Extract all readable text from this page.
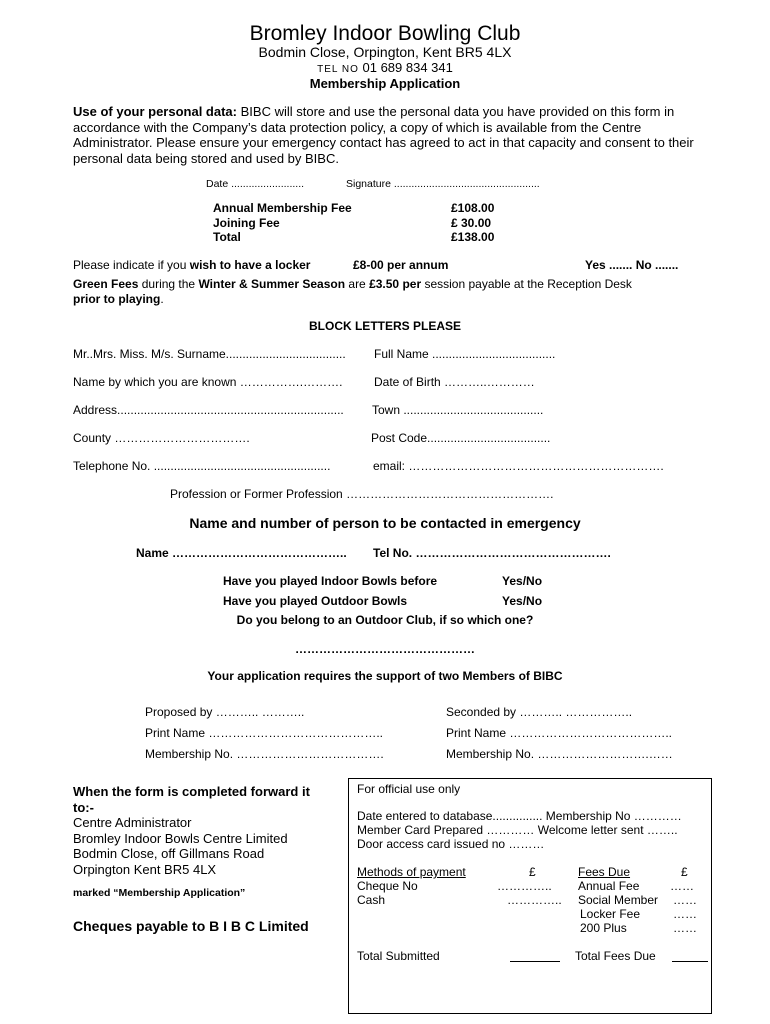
Bromley Indoor Bowling Club
Bodmin Close, Orpington, Kent BR5 4LX
TEL NO 01 689 834 341
Membership Application
Use of your personal data: BIBC will store and use the personal data you have provided on this form in accordance with the Company’s data protection policy, a copy of which is available from the Centre Administrator. Please ensure your emergency contact has agreed to act in that capacity and consent to their personal data being stored and used by BIBC.
Date .........................	Signature ..................................................
Annual Membership Fee	£108.00
Joining Fee	£ 30.00
Total	£138.00
Please indicate if you wish to have a locker	£8-00 per annum	Yes ....... No .......
Green Fees during the Winter & Summer Season are £3.50 per session payable at the Reception Desk
prior to playing.
BLOCK LETTERS PLEASE
Mr..Mrs. Miss. M/s. Surname.................................... Full Name .....................................
Name by which you are known …………….……….	Date of Birth ………..…………
Address.................................................................... Town ..........................................
County …………………………….	Post Code.....................................
Telephone No. .....................................................	email: ……………………………………………………….
Profession or Former Profession …………………………………………….
Name and number of person to be contacted in emergency
Name …………………………………….. Tel No. ………………………………………….
Have you played Indoor Bowls before	Yes/No
Have you played Outdoor Bowls	Yes/No
Do you belong to an Outdoor Club, if so which one?
………………………………………
Your application requires the support of two Members of BIBC
Proposed by ……….. ………..	Seconded by ……….. ……………..
Print Name ……………………………………..	Print Name …………………………………..
Membership No. ……………………………….	Membership No. ……………………….……
When the form is completed forward it
to:-
Centre Administrator
Bromley Indoor Bowls Centre Limited
Bodmin Close, off Gillmans Road
Orpington Kent BR5 4LX
marked “Membership Application”
Cheques payable to B I B C Limited
For official use only
Date entered to database............... Membership No …………
Member Card Prepared ………… Welcome letter sent ……..
Door access card issued no ………
Methods of payment	£	Fees Due	£
Cheque No	………….. Annual Fee	……
Cash	………….. Social Member ……
Locker Fee	……
200 Plus	……
Total Submitted	Total Fees Due
